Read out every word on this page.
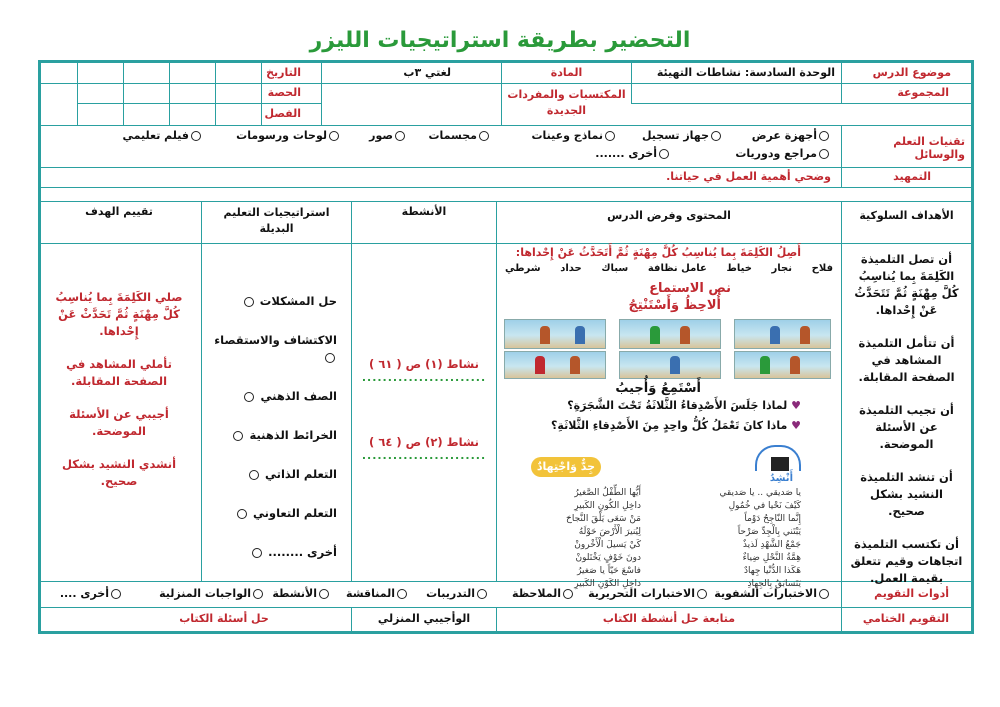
التحضير بطريقة استراتيجيات الليزر
موضوع الدرس
الوحدة السادسة: نشاطات التهيئة
المادة
لغتي ٣ب
التاريخ
المجموعة
المكتسبات والمفردات الجديدة
الحصة
الفصل
تقنيات التعلم والوسائل
أجهزة عرض
جهاز تسجيل
نماذج وعينات
مجسمات
صور
لوحات ورسومات
فيلم تعليمي
مراجع ودوريات
أخرى .......
التمهيد
وضحي أهمية العمل في حياتنا.
الأهداف السلوكية
المحتوى وفرض الدرس
الأنشطة
استراتيجيات التعليم البديلة
تقييم الهدف
أن تصل التلميذة الكَلِمَةَ بِما يُناسِبُ كُلَّ مِهْنَةٍ ثُمَّ تَتَحَدَّثُ عَنْ إِحْداها.
أن تتأمل التلميذة المشاهد في الصفحة المقابلة.
أن تجيب التلميذة عن الأسئلة الموضحة.
أن تنشد التلميذة النشيد بشكل صحيح.
أن تكتسب التلميذة اتجاهات وقيم تتعلق بقيمة العمل.
أَصِلُ الكَلِمَةَ بِما يُناسِبُ كُلَّ مِهْنَةٍ ثُمَّ أَتَحَدَّثُ عَنْ إِحْداها:
فلاح
نجار
خياط
عامل نظافة
سباك
حداد
شرطي
نص الاستماع
أُلاحِظُ وَأَسْتَنْتِجُ
أَسْتَمِعُ وَأُجيبُ
♥ لماذا جَلَسَ الأَصْدِقاءُ الثَّلاثَةُ تَحْتَ الشَّجَرَةِ؟
♥ ماذا كانَ تَعْمَلُ كُلُّ واحِدٍ مِنَ الأَصْدِقاءِ الثَّلاثَةِ؟
جِدٌّ وَاجْتِهادٌ
أَنْشِدُ
يا صَديقي .. يا صَديقي
كَيْفَ نَحْيا في خُمُولِ
إِنَّما النّاجِحُ دَوْماً
يَبْتَني بِالْجِدِّ صَرْحاً
جَمْعُ الشَّهْدِ لَذيذٌ
هِمَّةُ النَّحْلِ ضِياءٌ
هَكَذا الدُّنْيا جِهادٌ
يَتَسابَقُ بِالجِهادِ
أَيُّها الطِّفْلُ الصَّغيرُ
داخِلِ الكُونِ الكَبيرِ
مَنْ سَعَى يَلْقَ النَّجاحَ
لِيُنيرَ الْأَرْضَ حَوْلَهُ
كَيْ يَسيلَ الْأَخْرونْ
دونَ خَوْفٍ يَخْتَلونْ
فاسْعَ حَيّاً يا صَغيرُ
داخِلِ الكَوْنِ الكَبيرِ
نشاط (١) ص ( ٦١ )
........................
نشاط (٢) ص ( ٦٤ )
........................
حل المشكلات
الاكتشاف والاستقصاء
الصف الذهني
الخرائط الذهنية
التعلم الذاتي
التعلم التعاوني
أخرى ........
صلي الكَلِمَةَ بِما يُناسِبُ كُلَّ مِهْنَةٍ ثُمَّ تَحَدَّثْ عَنْ إِحْداها.
تأملي المشاهد في الصفحة المقابلة.
أجيبي عن الأسئلة الموضحة.
أنشدي النشيد بشكل صحيح.
أدوات التقويم
الاختبارات الشفوية
الاختبارات التحريرية
الملاحظة
التدريبات
المناقشة
الأنشطة
الواجبات المنزلية
أخرى ....
التقويم الختامي
متابعة حل أنشطة الكتاب
الوأجيبي المنزلي
حل أسئلة الكتاب
